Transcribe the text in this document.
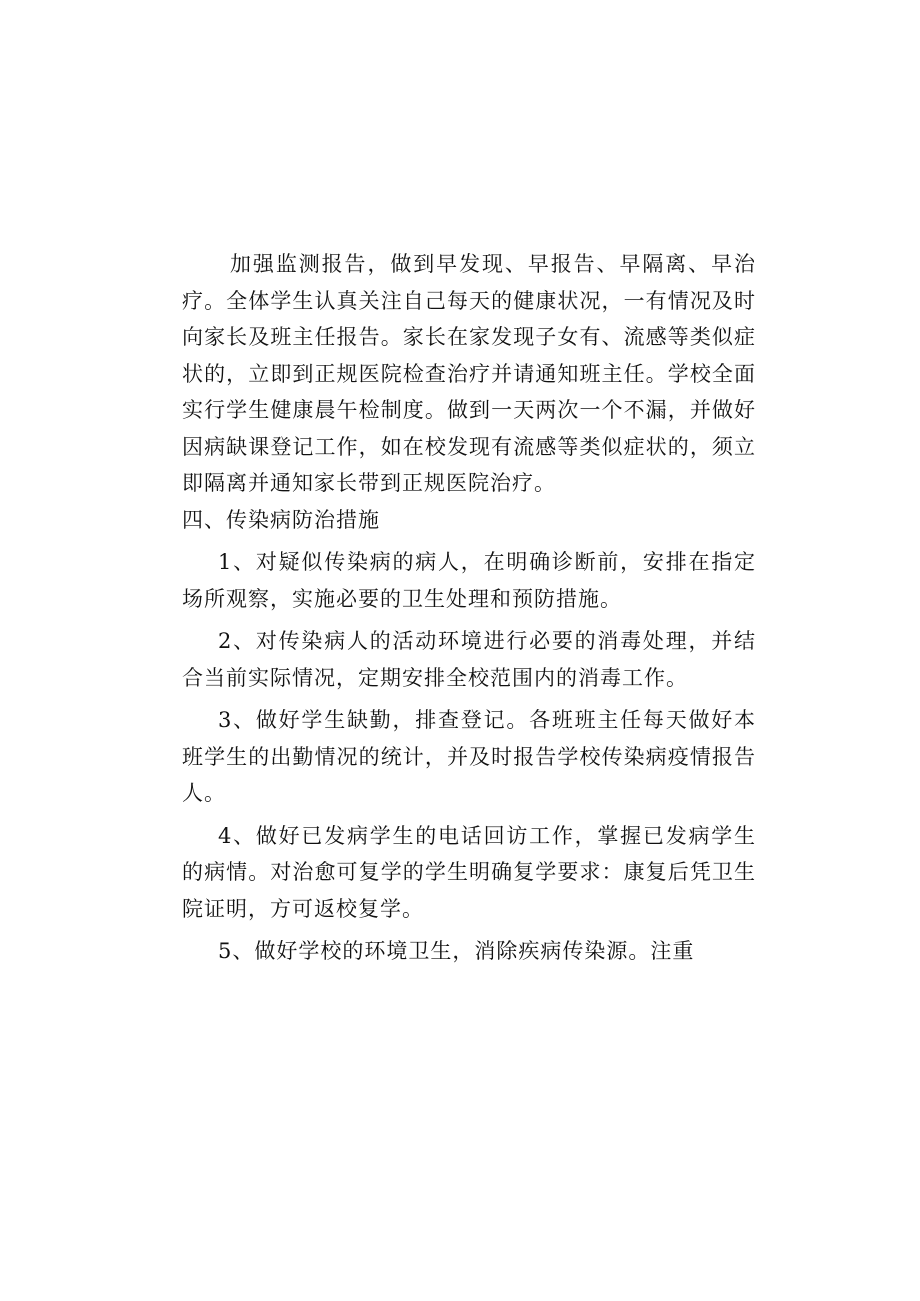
加强监测报告，做到早发现、早报告、早隔离、早治疗。全体学生认真关注自己每天的健康状况，一有情况及时向家长及班主任报告。家长在家发现子女有、流感等类似症状的，立即到正规医院检查治疗并请通知班主任。学校全面实行学生健康晨午检制度。做到一天两次一个不漏，并做好因病缺课登记工作，如在校发现有流感等类似症状的，须立即隔离并通知家长带到正规医院治疗。

四、传染病防治措施

1、对疑似传染病的病人，在明确诊断前，安排在指定场所观察，实施必要的卫生处理和预防措施。

2、对传染病人的活动环境进行必要的消毒处理，并结合当前实际情况，定期安排全校范围内的消毒工作。

3、做好学生缺勤，排查登记。各班班主任每天做好本班学生的出勤情况的统计，并及时报告学校传染病疫情报告人。

4、做好已发病学生的电话回访工作，掌握已发病学生的病情。对治愈可复学的学生明确复学要求：康复后凭卫生院证明，方可返校复学。

5、做好学校的环境卫生，消除疾病传染源。注重
